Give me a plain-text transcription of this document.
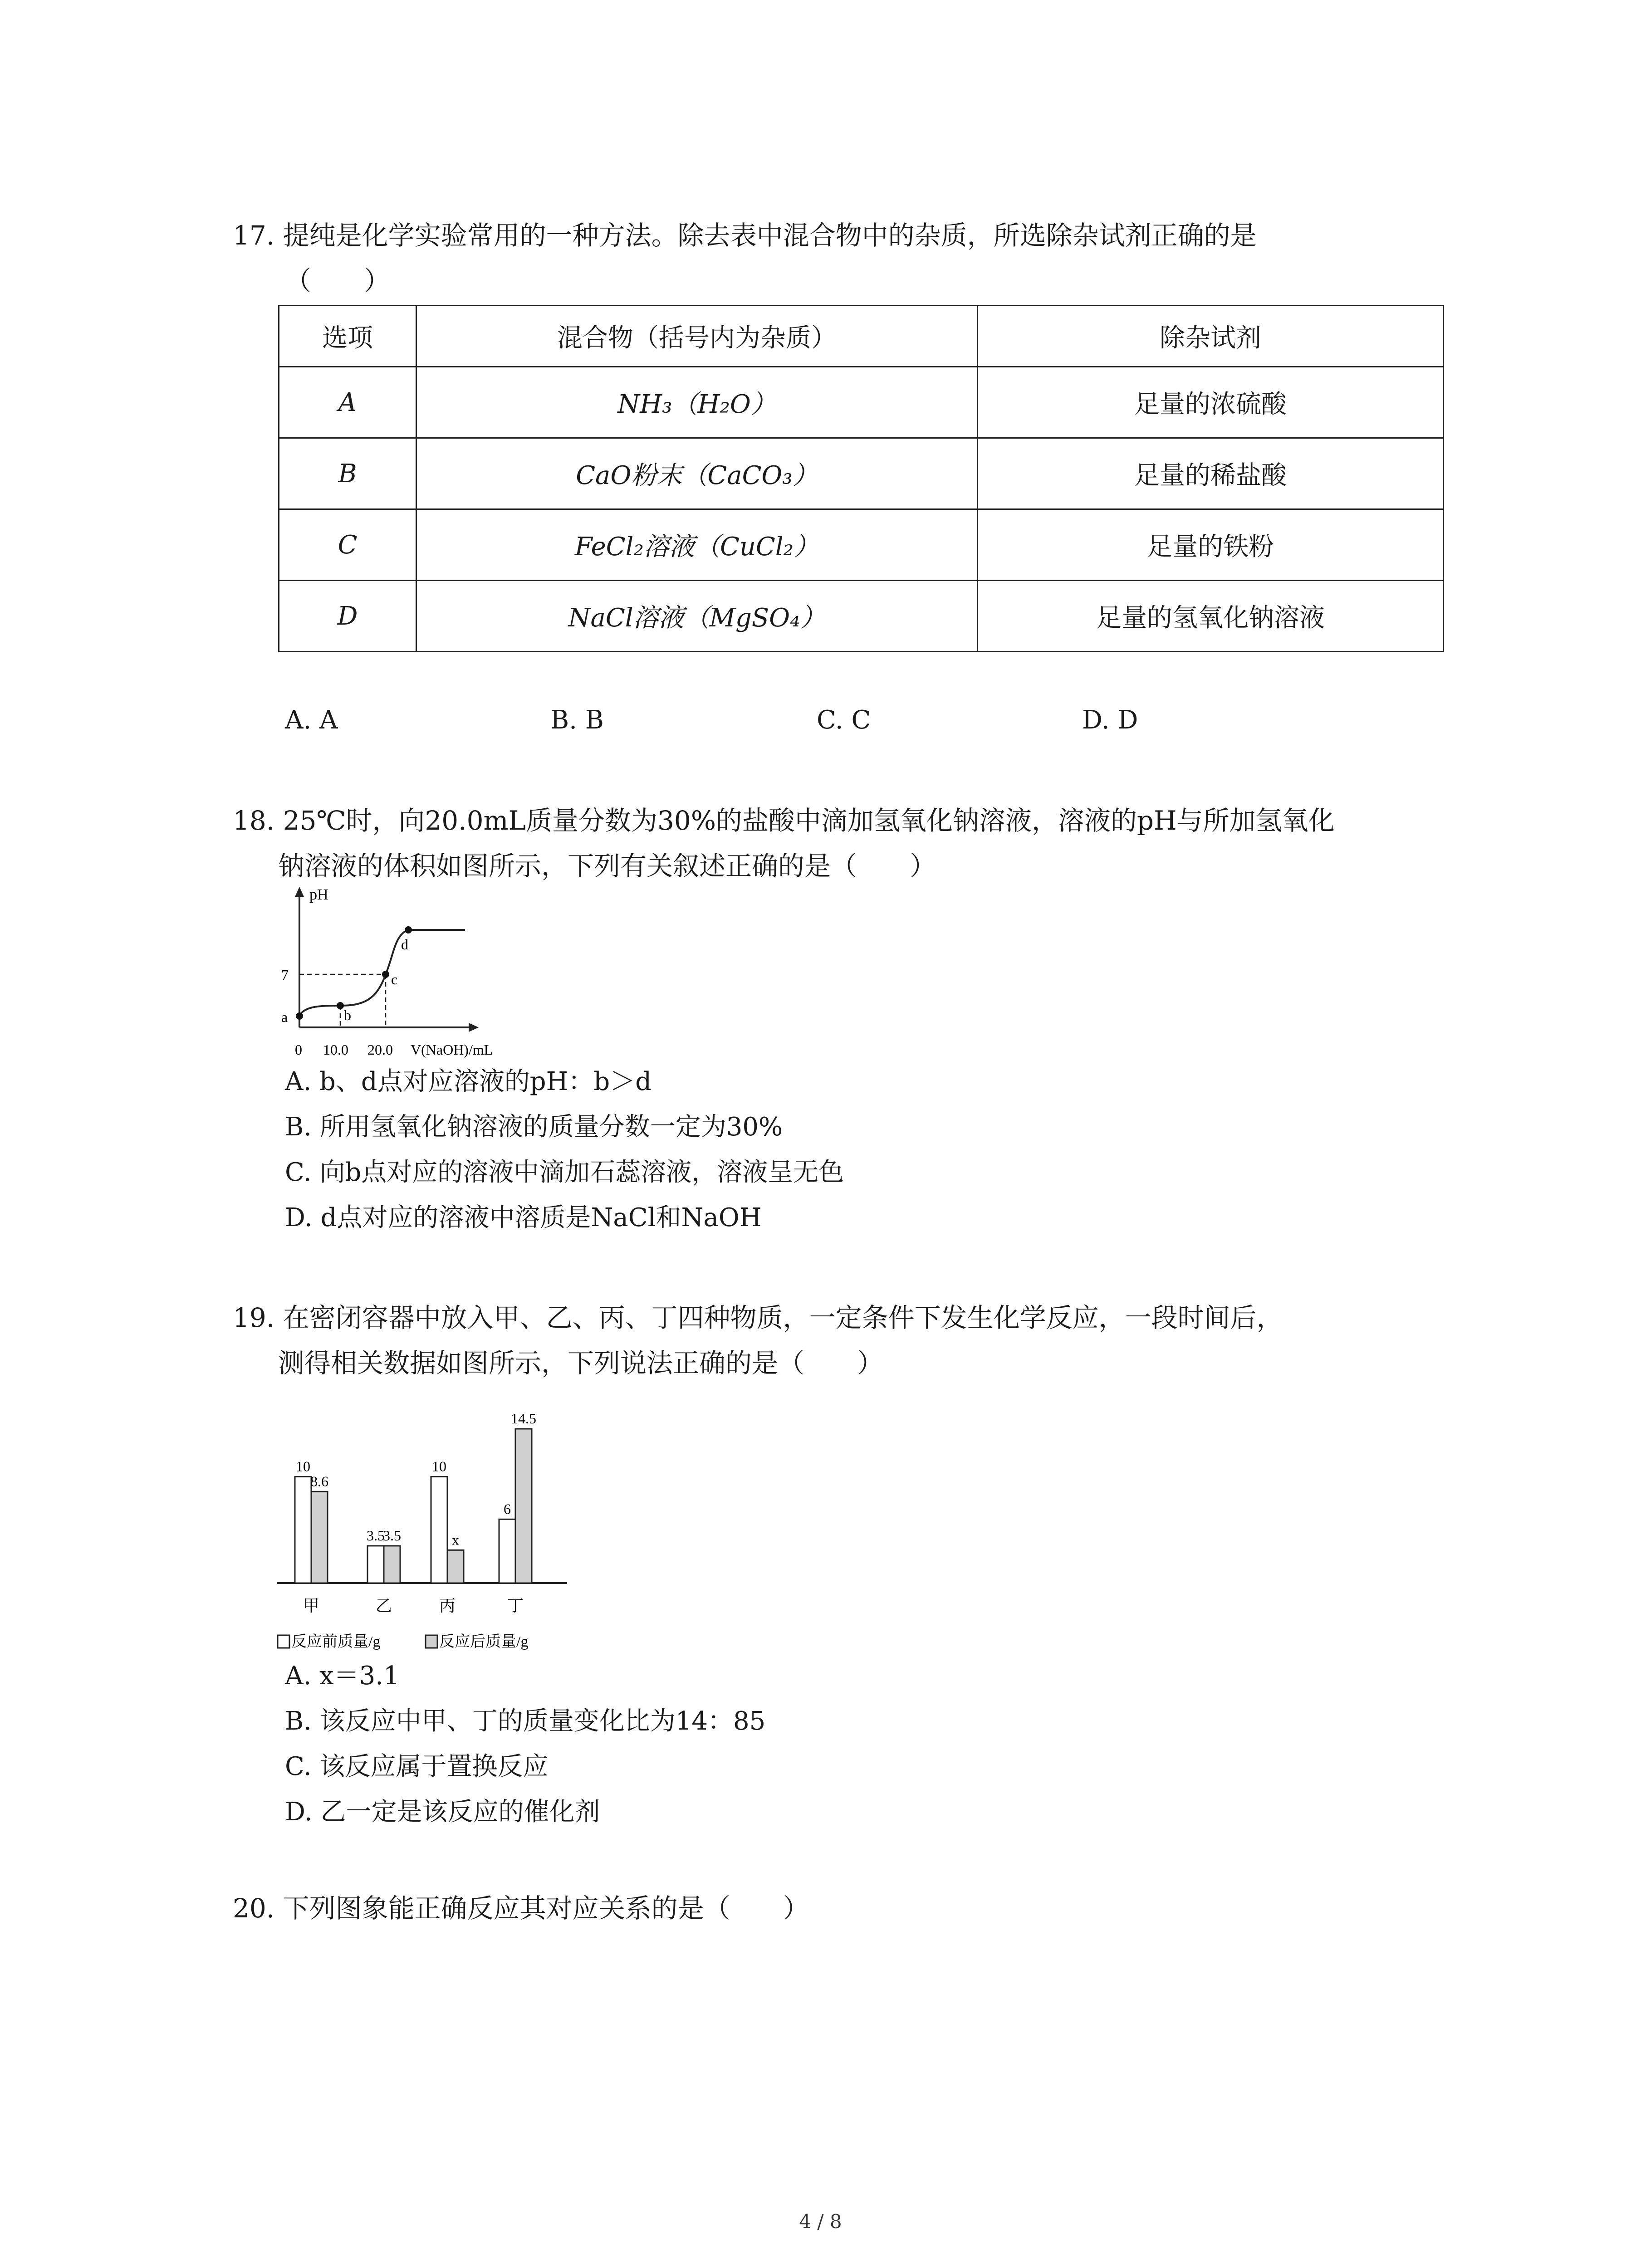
17. 提纯是化学实验常用的一种方法。除去表中混合物中的杂质，所选除杂试剂正确的是
（　　）
选项	混合物（括号内为杂质）	除杂试剂
A	NH₃（H₂O）	足量的浓硫酸
B	CaO粉末（CaCO₃）	足量的稀盐酸
C	FeCl₂溶液（CuCl₂）	足量的铁粉
D	NaCl溶液（MgSO₄）	足量的氢氧化钠溶液
A. A	B. B	C. C	D. D
18. 25℃时，向20.0mL质量分数为30%的盐酸中滴加氢氧化钠溶液，溶液的pH与所加氢氧化
钠溶液的体积如图所示，下列有关叙述正确的是（　　）
pH
V(NaOH)/mL
0 10.0 20.0
7
a	b
c
d
A. b、d点对应溶液的pH：b＞d
B. 所用氢氧化钠溶液的质量分数一定为30%
C. 向b点对应的溶液中滴加石蕊溶液，溶液呈无色
D. d点对应的溶液中溶质是NaCl和NaOH
19. 在密闭容器中放入甲、乙、丙、丁四种物质，一定条件下发生化学反应，一段时间后，
测得相关数据如图所示，下列说法正确的是（　　）
10
8.6
甲
3.5
3.5
乙
10
x
丙
6
14.5
丁
反应前质量/g	反应后质量/g
A. x＝3.1
B. 该反应中甲、丁的质量变化比为14：85
C. 该反应属于置换反应
D. 乙一定是该反应的催化剂
20. 下列图象能正确反应其对应关系的是（　　）
4 / 8
